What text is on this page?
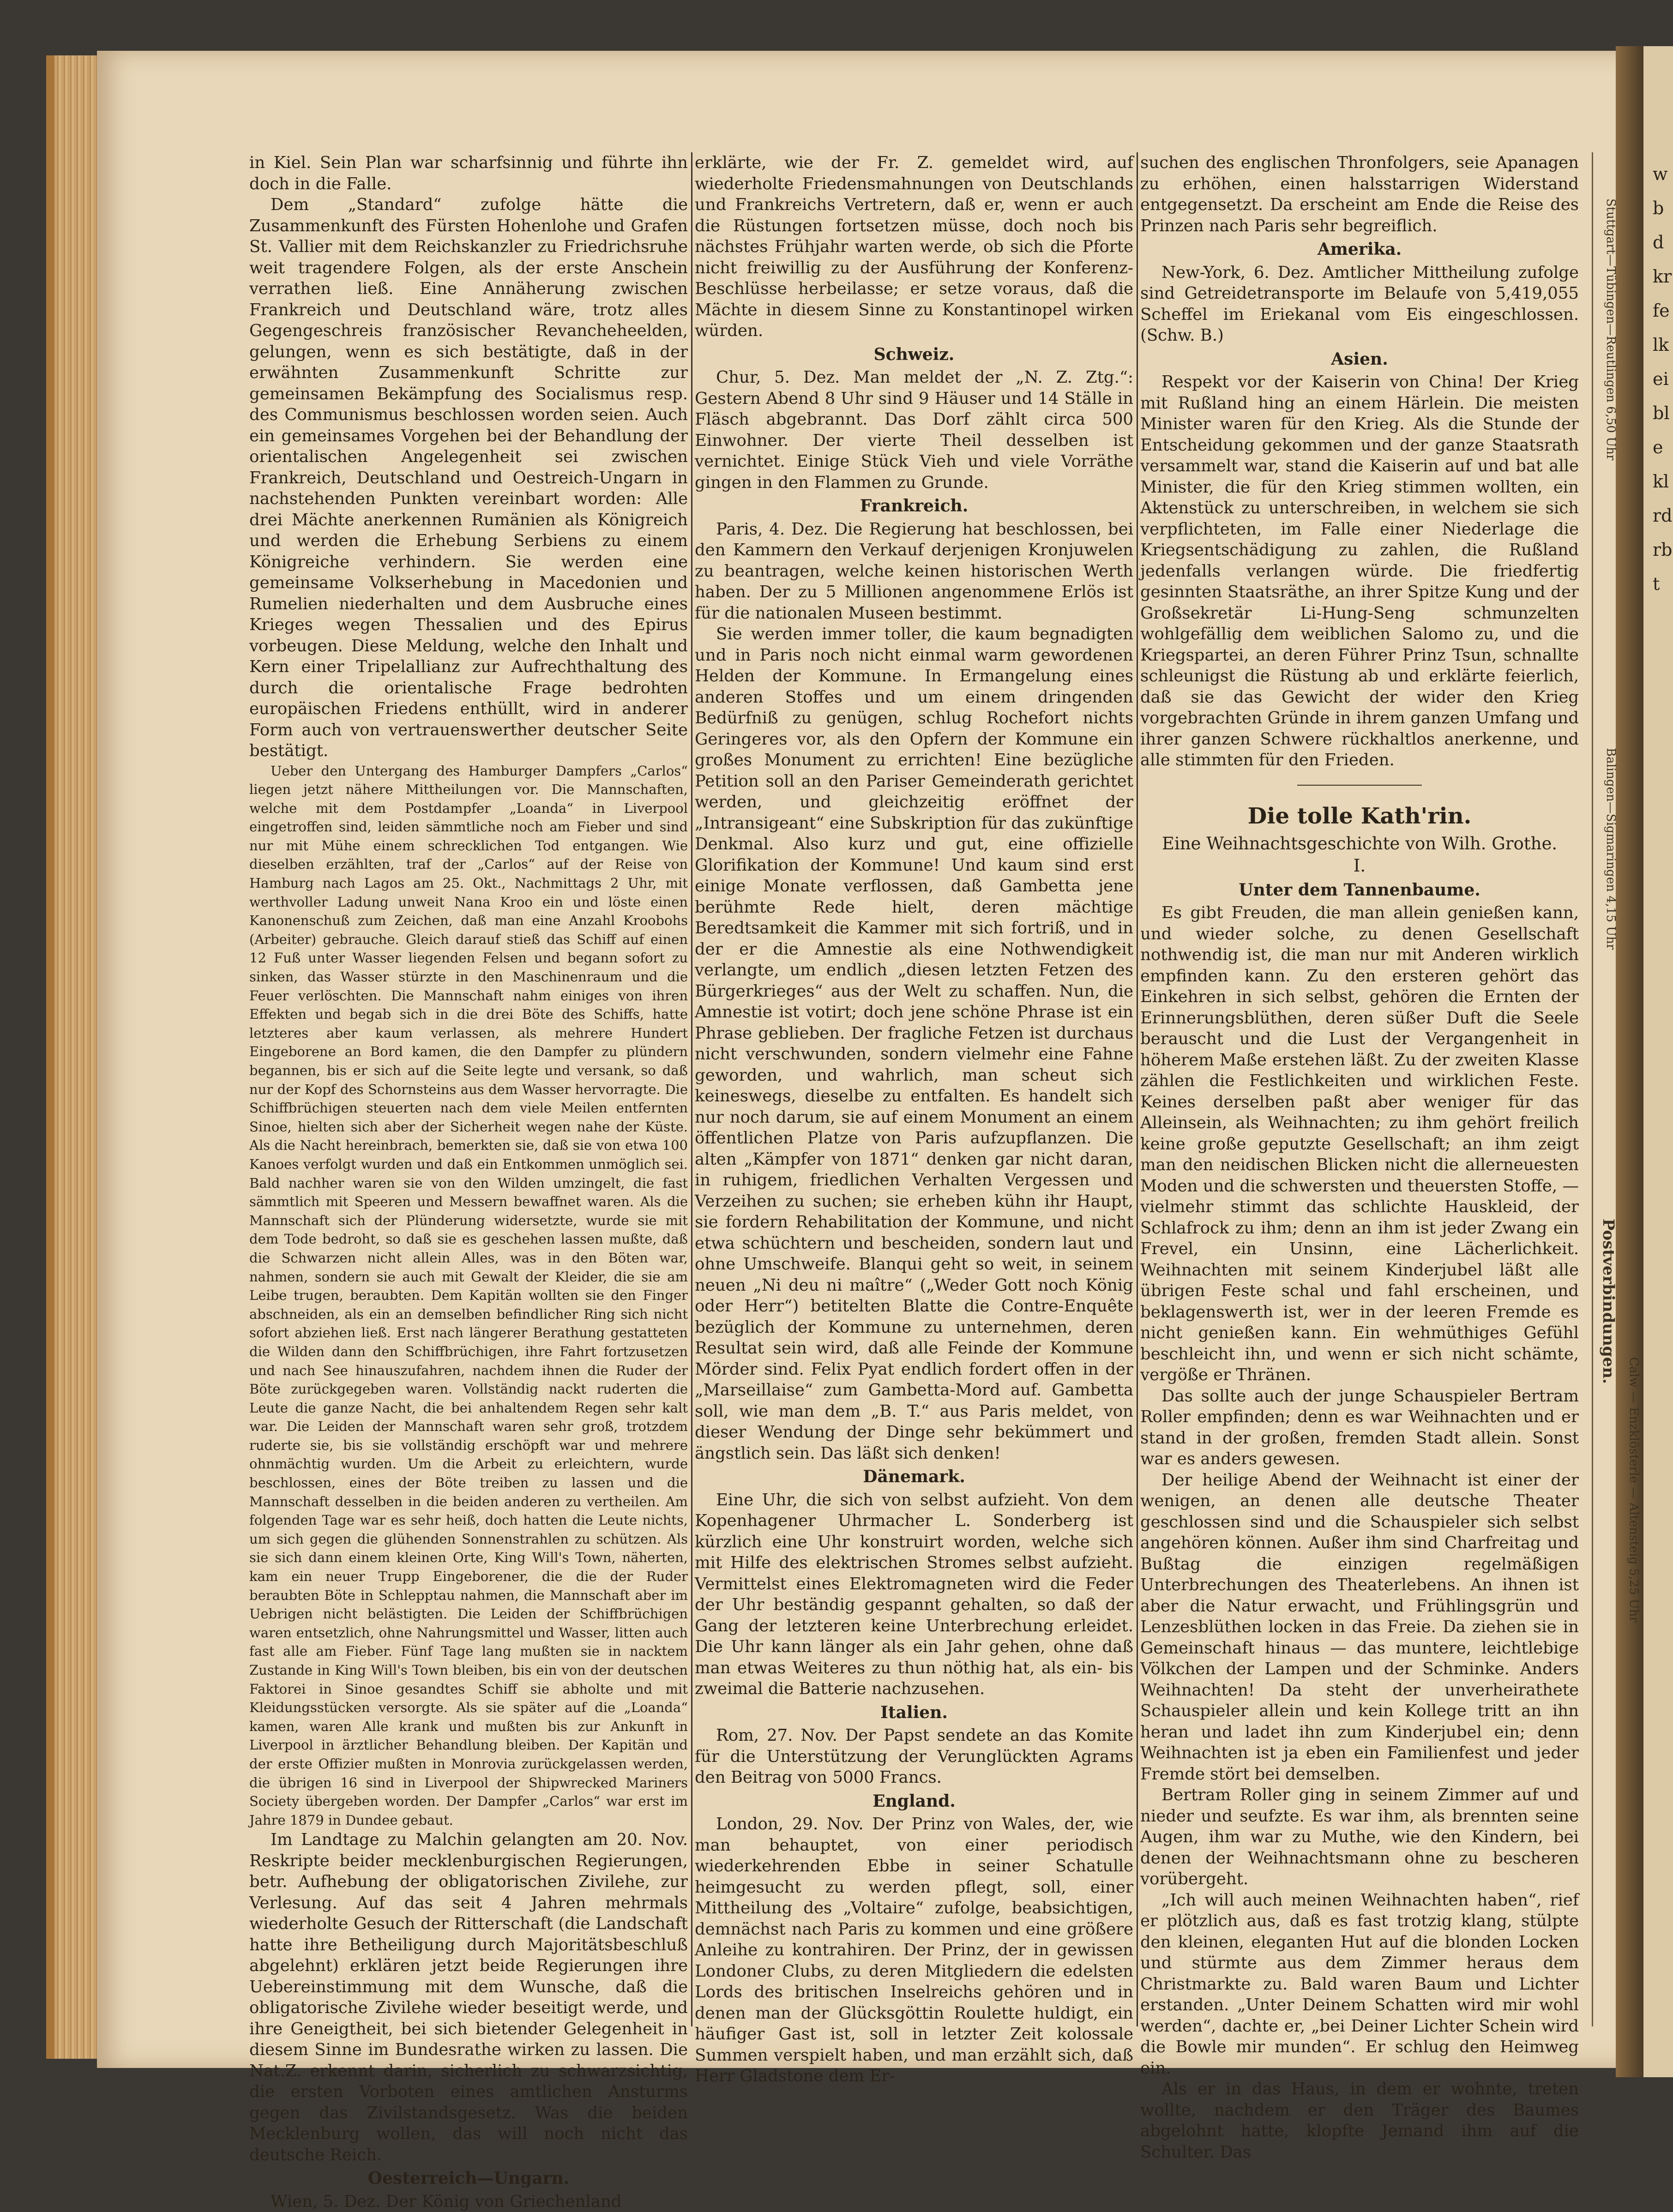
in Kiel. Sein Plan war scharfsinnig und führte ihn doch in die Falle.

Dem „Standard“ zufolge hätte die Zusammenkunft des Fürsten Hohenlohe und Grafen St. Vallier mit dem Reichskanzler zu Friedrichsruhe weit tragendere Folgen, als der erste Anschein verrathen ließ. Eine Annäherung zwischen Frankreich und Deutschland wäre, trotz alles Gegengeschreis französischer Revancheheelden, gelungen, wenn es sich bestätigte, daß in der erwähnten Zusammenkunft Schritte zur gemeinsamen Bekämpfung des Socialismus resp. des Communismus beschlossen worden seien. Auch ein gemeinsames Vorgehen bei der Behandlung der orientalischen Angelegenheit sei zwischen Frankreich, Deutschland und Oestreich-Ungarn in nachstehenden Punkten vereinbart worden: Alle drei Mächte anerkennen Rumänien als Königreich und werden die Erhebung Serbiens zu einem Königreiche verhindern. Sie werden eine gemeinsame Volkserhebung in Macedonien und Rumelien niederhalten und dem Ausbruche eines Krieges wegen Thessalien und des Epirus vorbeugen. Diese Meldung, welche den Inhalt und Kern einer Tripelallianz zur Aufrechthaltung des durch die orientalische Frage bedrohten europäischen Friedens enthüllt, wird in anderer Form auch von vertrauenswerther deutscher Seite bestätigt.

Ueber den Untergang des Hamburger Dampfers „Carlos“ liegen jetzt nähere Mittheilungen vor. Die Mannschaften, welche mit dem Postdampfer „Loanda“ in Liverpool eingetroffen sind, leiden sämmtliche noch am Fieber und sind nur mit Mühe einem schrecklichen Tod entgangen. Wie dieselben erzählten, traf der „Carlos“ auf der Reise von Hamburg nach Lagos am 25. Okt., Nachmittags 2 Uhr, mit werthvoller Ladung unweit Nana Kroo ein und löste einen Kanonenschuß zum Zeichen, daß man eine Anzahl Kroobohs (Arbeiter) gebrauche. Gleich darauf stieß das Schiff auf einen 12 Fuß unter Wasser liegenden Felsen und begann sofort zu sinken, das Wasser stürzte in den Maschinenraum und die Feuer verlöschten. Die Mannschaft nahm einiges von ihren Effekten und begab sich in die drei Böte des Schiffs, hatte letzteres aber kaum verlassen, als mehrere Hundert Eingeborene an Bord kamen, die den Dampfer zu plündern begannen, bis er sich auf die Seite legte und versank, so daß nur der Kopf des Schornsteins aus dem Wasser hervorragte. Die Schiffbrüchigen steuerten nach dem viele Meilen entfernten Sinoe, hielten sich aber der Sicherheit wegen nahe der Küste. Als die Nacht hereinbrach, bemerkten sie, daß sie von etwa 100 Kanoes verfolgt wurden und daß ein Entkommen unmöglich sei. Bald nachher waren sie von den Wilden umzingelt, die fast sämmtlich mit Speeren und Messern bewaffnet waren. Als die Mannschaft sich der Plünderung widersetzte, wurde sie mit dem Tode bedroht, so daß sie es geschehen lassen mußte, daß die Schwarzen nicht allein Alles, was in den Böten war, nahmen, sondern sie auch mit Gewalt der Kleider, die sie am Leibe trugen, beraubten. Dem Kapitän wollten sie den Finger abschneiden, als ein an demselben befindlicher Ring sich nicht sofort abziehen ließ. Erst nach längerer Berathung gestatteten die Wilden dann den Schiffbrüchigen, ihre Fahrt fortzusetzen und nach See hinauszufahren, nachdem ihnen die Ruder der Böte zurückgegeben waren. Vollständig nackt ruderten die Leute die ganze Nacht, die bei anhaltendem Regen sehr kalt war. Die Leiden der Mannschaft waren sehr groß, trotzdem ruderte sie, bis sie vollständig erschöpft war und mehrere ohnmächtig wurden. Um die Arbeit zu erleichtern, wurde beschlossen, eines der Böte treiben zu lassen und die Mannschaft desselben in die beiden anderen zu vertheilen. Am folgenden Tage war es sehr heiß, doch hatten die Leute nichts, um sich gegen die glühenden Sonnenstrahlen zu schützen. Als sie sich dann einem kleinen Orte, King Will's Town, näherten, kam ein neuer Trupp Eingeborener, die die der Ruder beraubten Böte in Schlepptau nahmen, die Mannschaft aber im Uebrigen nicht belästigten. Die Leiden der Schiffbrüchigen waren entsetzlich, ohne Nahrungsmittel und Wasser, litten auch fast alle am Fieber. Fünf Tage lang mußten sie in nacktem Zustande in King Will's Town bleiben, bis ein von der deutschen Faktorei in Sinoe gesandtes Schiff sie abholte und mit Kleidungsstücken versorgte. Als sie später auf die „Loanda“ kamen, waren Alle krank und mußten bis zur Ankunft in Liverpool in ärztlicher Behandlung bleiben. Der Kapitän und der erste Offizier mußten in Monrovia zurückgelassen werden, die übrigen 16 sind in Liverpool der Shipwrecked Mariners Society übergeben worden. Der Dampfer „Carlos“ war erst im Jahre 1879 in Dundee gebaut.

Im Landtage zu Malchin gelangten am 20. Nov. Reskripte beider mecklenburgischen Regierungen, betr. Aufhebung der obligatorischen Zivilehe, zur Verlesung. Auf das seit 4 Jahren mehrmals wiederholte Gesuch der Ritterschaft (die Landschaft hatte ihre Betheiligung durch Majoritätsbeschluß abgelehnt) erklären jetzt beide Regierungen ihre Uebereinstimmung mit dem Wunsche, daß die obligatorische Zivilehe wieder beseitigt werde, und ihre Geneigtheit, bei sich bietender Gelegenheit in diesem Sinne im Bundesrathe wirken zu lassen. Die Nat.Z. erkennt darin, sicherlich zu schwarzsichtig, die ersten Vorboten eines amtlichen Ansturms gegen das Zivilstandsgesetz. Was die beiden Mecklenburg wollen, das will noch nicht das deutsche Reich.

Oesterreich—Ungarn.

Wien, 5. Dez. Der König von Griechenland

erklärte, wie der Fr. Z. gemeldet wird, auf wiederholte Friedensmahnungen von Deutschlands und Frankreichs Vertretern, daß er, wenn er auch die Rüstungen fortsetzen müsse, doch noch bis nächstes Frühjahr warten werde, ob sich die Pforte nicht freiwillig zu der Ausführung der Konferenz-Beschlüsse herbeilasse; er setze voraus, daß die Mächte in diesem Sinne zu Konstantinopel wirken würden.

Schweiz.

Chur, 5. Dez. Man meldet der „N. Z. Ztg.“: Gestern Abend 8 Uhr sind 9 Häuser und 14 Ställe in Fläsch abgebrannt. Das Dorf zählt circa 500 Einwohner. Der vierte Theil desselben ist vernichtet. Einige Stück Vieh und viele Vorräthe gingen in den Flammen zu Grunde.

Frankreich.

Paris, 4. Dez. Die Regierung hat beschlossen, bei den Kammern den Verkauf derjenigen Kronjuwelen zu beantragen, welche keinen historischen Werth haben. Der zu 5 Millionen angenommene Erlös ist für die nationalen Museen bestimmt.

Sie werden immer toller, die kaum begnadigten und in Paris noch nicht einmal warm gewordenen Helden der Kommune. In Ermangelung eines anderen Stoffes und um einem dringenden Bedürfniß zu genügen, schlug Rochefort nichts Geringeres vor, als den Opfern der Kommune ein großes Monument zu errichten! Eine bezügliche Petition soll an den Pariser Gemeinderath gerichtet werden, und gleichzeitig eröffnet der „Intransigeant“ eine Subskription für das zukünftige Denkmal. Also kurz und gut, eine offizielle Glorifikation der Kommune! Und kaum sind erst einige Monate verflossen, daß Gambetta jene berühmte Rede hielt, deren mächtige Beredtsamkeit die Kammer mit sich fortriß, und in der er die Amnestie als eine Nothwendigkeit verlangte, um endlich „diesen letzten Fetzen des Bürgerkrieges“ aus der Welt zu schaffen. Nun, die Amnestie ist votirt; doch jene schöne Phrase ist ein Phrase geblieben. Der fragliche Fetzen ist durchaus nicht verschwunden, sondern vielmehr eine Fahne geworden, und wahrlich, man scheut sich keineswegs, dieselbe zu entfalten. Es handelt sich nur noch darum, sie auf einem Monument an einem öffentlichen Platze von Paris aufzupflanzen. Die alten „Kämpfer von 1871“ denken gar nicht daran, in ruhigem, friedlichen Verhalten Vergessen und Verzeihen zu suchen; sie erheben kühn ihr Haupt, sie fordern Rehabilitation der Kommune, und nicht etwa schüchtern und bescheiden, sondern laut und ohne Umschweife. Blanqui geht so weit, in seinem neuen „Ni deu ni maître“ („Weder Gott noch König oder Herr“) betitelten Blatte die Contre-Enquête bezüglich der Kommune zu unternehmen, deren Resultat sein wird, daß alle Feinde der Kommune Mörder sind. Felix Pyat endlich fordert offen in der „Marseillaise“ zum Gambetta-Mord auf. Gambetta soll, wie man dem „B. T.“ aus Paris meldet, von dieser Wendung der Dinge sehr bekümmert und ängstlich sein. Das läßt sich denken!

Dänemark.

Eine Uhr, die sich von selbst aufzieht. Von dem Kopenhagener Uhrmacher L. Sonderberg ist kürzlich eine Uhr konstruirt worden, welche sich mit Hilfe des elektrischen Stromes selbst aufzieht. Vermittelst eines Elektromagneten wird die Feder der Uhr beständig gespannt gehalten, so daß der Gang der letzteren keine Unterbrechung erleidet. Die Uhr kann länger als ein Jahr gehen, ohne daß man etwas Weiteres zu thun nöthig hat, als ein- bis zweimal die Batterie nachzusehen.

Italien.

Rom, 27. Nov. Der Papst sendete an das Komite für die Unterstützung der Verunglückten Agrams den Beitrag von 5000 Francs.

England.

London, 29. Nov. Der Prinz von Wales, der, wie man behauptet, von einer periodisch wiederkehrenden Ebbe in seiner Schatulle heimgesucht zu werden pflegt, soll, einer Mittheilung des „Voltaire“ zufolge, beabsichtigen, demnächst nach Paris zu kommen und eine größere Anleihe zu kontrahiren. Der Prinz, der in gewissen Londoner Clubs, zu deren Mitgliedern die edelsten Lords des britischen Inselreichs gehören und in denen man der Glücksgöttin Roulette huldigt, ein häufiger Gast ist, soll in letzter Zeit kolossale Summen verspielt haben, und man erzählt sich, daß Herr Gladstone dem Er-

suchen des englischen Thronfolgers, seie Apanagen zu erhöhen, einen halsstarrigen Widerstand entgegensetzt. Da erscheint am Ende die Reise des Prinzen nach Paris sehr begreiflich.

Amerika.

New-York, 6. Dez. Amtlicher Mittheilung zufolge sind Getreidetransporte im Belaufe von 5,419,055 Scheffel im Eriekanal vom Eis eingeschlossen. (Schw. B.)

Asien.

Respekt vor der Kaiserin von China! Der Krieg mit Rußland hing an einem Härlein. Die meisten Minister waren für den Krieg. Als die Stunde der Entscheidung gekommen und der ganze Staatsrath versammelt war, stand die Kaiserin auf und bat alle Minister, die für den Krieg stimmen wollten, ein Aktenstück zu unterschreiben, in welchem sie sich verpflichteten, im Falle einer Niederlage die Kriegsentschädigung zu zahlen, die Rußland jedenfalls verlangen würde. Die friedfertig gesinnten Staatsräthe, an ihrer Spitze Kung und der Großsekretär Li-Hung-Seng schmunzelten wohlgefällig dem weiblichen Salomo zu, und die Kriegspartei, an deren Führer Prinz Tsun, schnallte schleunigst die Rüstung ab und erklärte feierlich, daß sie das Gewicht der wider den Krieg vorgebrachten Gründe in ihrem ganzen Umfang und ihrer ganzen Schwere rückhaltlos anerkenne, und alle stimmten für den Frieden.

Die tolle Kath'rin.
Eine Weihnachtsgeschichte von Wilh. Grothe.
I.
Unter dem Tannenbaume.

Es gibt Freuden, die man allein genießen kann, und wieder solche, zu denen Gesellschaft nothwendig ist, die man nur mit Anderen wirklich empfinden kann. Zu den ersteren gehört das Einkehren in sich selbst, gehören die Ernten der Erinnerungsblüthen, deren süßer Duft die Seele berauscht und die Lust der Vergangenheit in höherem Maße erstehen läßt. Zu der zweiten Klasse zählen die Festlichkeiten und wirklichen Feste. Keines derselben paßt aber weniger für das Alleinsein, als Weihnachten; zu ihm gehört freilich keine große geputzte Gesellschaft; an ihm zeigt man den neidischen Blicken nicht die allerneuesten Moden und die schwersten und theuersten Stoffe, — vielmehr stimmt das schlichte Hauskleid, der Schlafrock zu ihm; denn an ihm ist jeder Zwang ein Frevel, ein Unsinn, eine Lächerlichkeit. Weihnachten mit seinem Kinderjubel läßt alle übrigen Feste schal und fahl erscheinen, und beklagenswerth ist, wer in der leeren Fremde es nicht genießen kann. Ein wehmüthiges Gefühl beschleicht ihn, und wenn er sich nicht schämte, vergöße er Thränen.

Das sollte auch der junge Schauspieler Bertram Roller empfinden; denn es war Weihnachten und er stand in der großen, fremden Stadt allein. Sonst war es anders gewesen.

Der heilige Abend der Weihnacht ist einer der wenigen, an denen alle deutsche Theater geschlossen sind und die Schauspieler sich selbst angehören können. Außer ihm sind Charfreitag und Bußtag die einzigen regelmäßigen Unterbrechungen des Theaterlebens. An ihnen ist aber die Natur erwacht, und Frühlingsgrün und Lenzesblüthen locken in das Freie. Da ziehen sie in Gemeinschaft hinaus — das muntere, leichtlebige Völkchen der Lampen und der Schminke. Anders Weihnachten! Da steht der unverheirathete Schauspieler allein und kein Kollege tritt an ihn heran und ladet ihn zum Kinderjubel ein; denn Weihnachten ist ja eben ein Familienfest und jeder Fremde stört bei demselben.

Bertram Roller ging in seinem Zimmer auf und nieder und seufzte. Es war ihm, als brennten seine Augen, ihm war zu Muthe, wie den Kindern, bei denen der Weihnachtsmann ohne zu bescheren vorübergeht.

„Ich will auch meinen Weihnachten haben“, rief er plötzlich aus, daß es fast trotzig klang, stülpte den kleinen, eleganten Hut auf die blonden Locken und stürmte aus dem Zimmer heraus dem Christmarkte zu. Bald waren Baum und Lichter erstanden. „Unter Deinem Schatten wird mir wohl werden“, dachte er, „bei Deiner Lichter Schein wird die Bowle mir munden“. Er schlug den Heimweg ein.

Als er in das Haus, in dem er wohnte, treten wollte, nachdem er den Träger des Baumes abgelohnt hatte, klopfte Jemand ihm auf die Schulter. Das

Stuttgart—Tübingen—Reutlingen 6,50 Uhr
Balingen—Sigmaringen 4,15 Uhr
Postverbindungen.
Calw — Enzklösterle — Altensteig 5,25 Uhr
wbdkrfelkeibleklrdrbt
